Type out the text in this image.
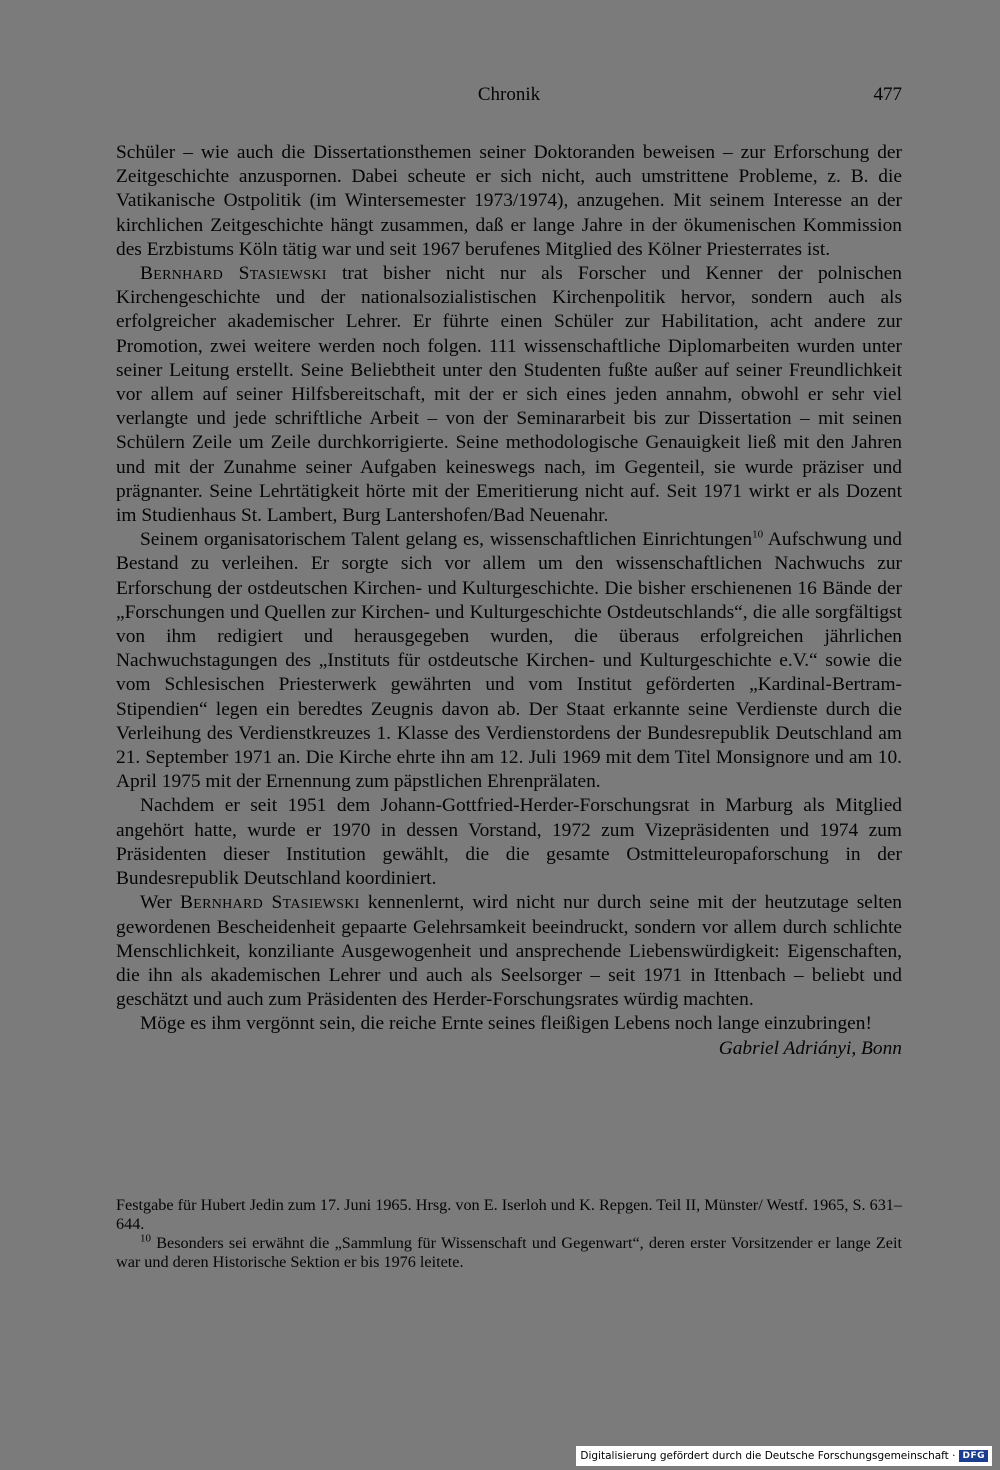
Chronik	477

Schüler – wie auch die Dissertationsthemen seiner Doktoranden beweisen – zur Erforschung der Zeitgeschichte anzuspornen. Dabei scheute er sich nicht, auch umstrittene Probleme, z. B. die Vatikanische Ostpolitik (im Wintersemester 1973/1974), anzugehen. Mit seinem Interesse an der kirchlichen Zeitgeschichte hängt zusammen, daß er lange Jahre in der ökumenischen Kommission des Erzbistums Köln tätig war und seit 1967 berufenes Mitglied des Kölner Priesterrates ist.

Bernhard Stasiewski trat bisher nicht nur als Forscher und Kenner der polnischen Kirchengeschichte und der nationalsozialistischen Kirchenpolitik hervor, sondern auch als erfolgreicher akademischer Lehrer. Er führte einen Schüler zur Habilitation, acht andere zur Promotion, zwei weitere werden noch folgen. 111 wissenschaftliche Diplomarbeiten wurden unter seiner Leitung erstellt. Seine Beliebtheit unter den Studenten fußte außer auf seiner Freundlichkeit vor allem auf seiner Hilfsbereitschaft, mit der er sich eines jeden annahm, obwohl er sehr viel verlangte und jede schriftliche Arbeit – von der Seminararbeit bis zur Dissertation – mit seinen Schülern Zeile um Zeile durchkorrigierte. Seine methodologische Genauigkeit ließ mit den Jahren und mit der Zunahme seiner Aufgaben keineswegs nach, im Gegenteil, sie wurde präziser und prägnanter. Seine Lehrtätigkeit hörte mit der Emeritierung nicht auf. Seit 1971 wirkt er als Dozent im Studienhaus St. Lambert, Burg Lantershofen/Bad Neuenahr.

Seinem organisatorischem Talent gelang es, wissenschaftlichen Einrichtungen$^{10}$ Aufschwung und Bestand zu verleihen. Er sorgte sich vor allem um den wissenschaftlichen Nachwuchs zur Erforschung der ostdeutschen Kirchen- und Kulturgeschichte. Die bisher erschienenen 16 Bände der „Forschungen und Quellen zur Kirchen- und Kulturgeschichte Ostdeutschlands“, die alle sorgfältigst von ihm redigiert und herausgegeben wurden, die überaus erfolgreichen jährlichen Nachwuchstagungen des „Instituts für ostdeutsche Kirchen- und Kulturgeschichte e.V.“ sowie die vom Schlesischen Priesterwerk gewährten und vom Institut geförderten „Kardinal-Bertram-Stipendien“ legen ein beredtes Zeugnis davon ab. Der Staat erkannte seine Verdienste durch die Verleihung des Verdienstkreuzes 1. Klasse des Verdienstordens der Bundesrepublik Deutschland am 21. September 1971 an. Die Kirche ehrte ihn am 12. Juli 1969 mit dem Titel Monsignore und am 10. April 1975 mit der Ernennung zum päpstlichen Ehrenprälaten.

Nachdem er seit 1951 dem Johann-Gottfried-Herder-Forschungsrat in Marburg als Mitglied angehört hatte, wurde er 1970 in dessen Vorstand, 1972 zum Vizepräsidenten und 1974 zum Präsidenten dieser Institution gewählt, die die gesamte Ostmitteleuropaforschung in der Bundesrepublik Deutschland koordiniert.

Wer Bernhard Stasiewski kennenlernt, wird nicht nur durch seine mit der heutzutage selten gewordenen Bescheidenheit gepaarte Gelehrsamkeit beeindruckt, sondern vor allem durch schlichte Menschlichkeit, konziliante Ausgewogenheit und ansprechende Liebenswürdigkeit: Eigenschaften, die ihn als akademischen Lehrer und auch als Seelsorger – seit 1971 in Ittenbach – beliebt und geschätzt und auch zum Präsidenten des Herder-Forschungsrates würdig machten.

Möge es ihm vergönnt sein, die reiche Ernte seines fleißigen Lebens noch lange einzubringen!

Gabriel Adriányi, Bonn

Festgabe für Hubert Jedin zum 17. Juni 1965. Hrsg. von E. Iserloh und K. Repgen. Teil II, Münster/ Westf. 1965, S. 631–644.

$^{10}$ Besonders sei erwähnt die „Sammlung für Wissenschaft und Gegenwart“, deren erster Vorsitzender er lange Zeit war und deren Historische Sektion er bis 1976 leitete.

Digitalisierung gefördert durch die Deutsche Forschungsgemeinschaft · DFG
